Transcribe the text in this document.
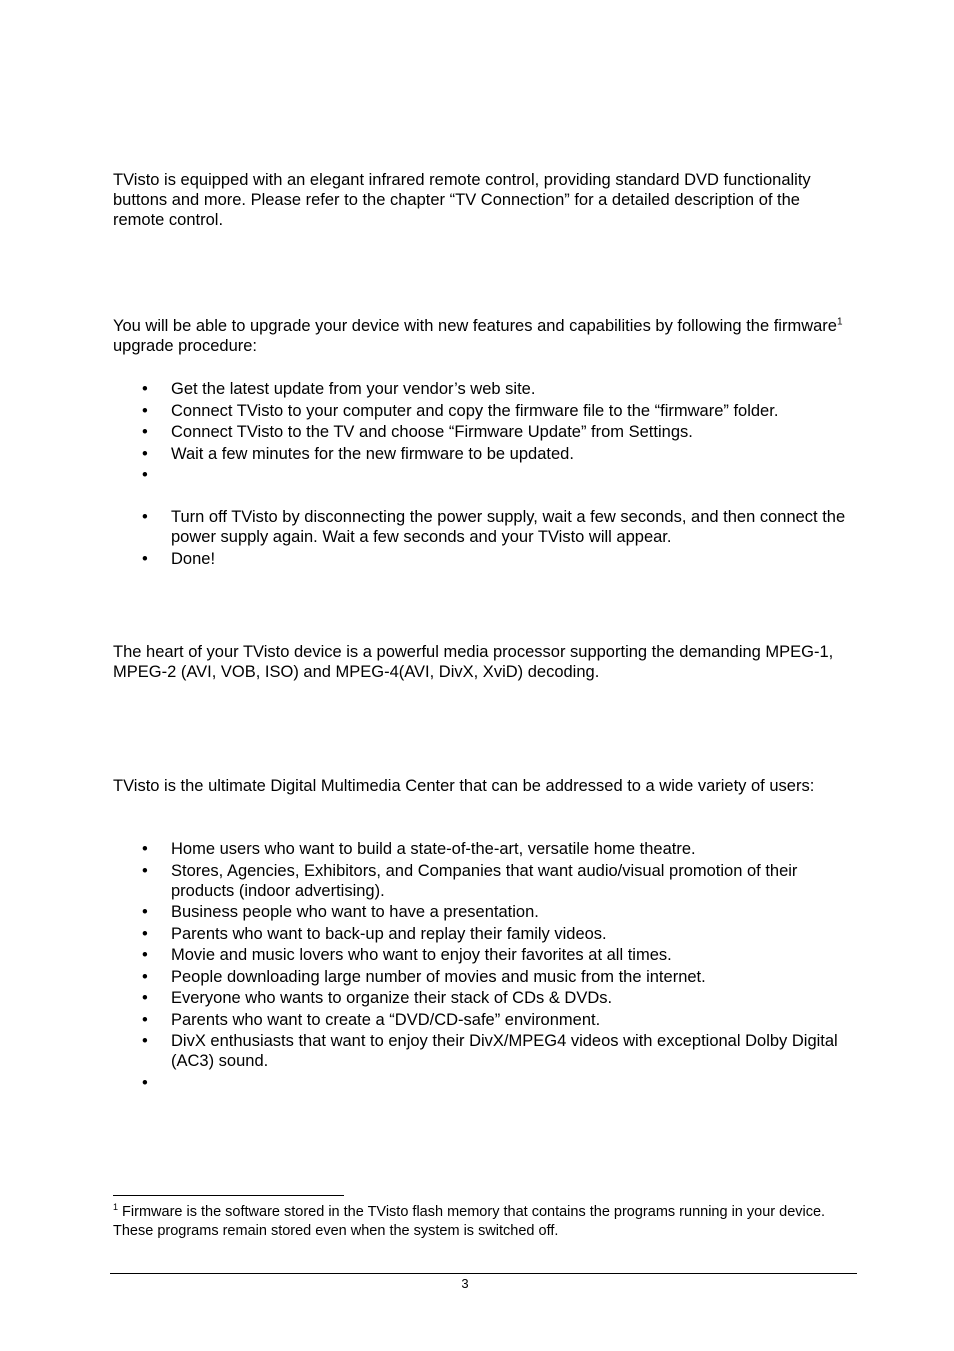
TVisto is equipped with an elegant infrared remote control, providing standard DVD functionality buttons and more. Please refer to the chapter “TV Connection” for a detailed description of the remote control.

You will be able to upgrade your device with new features and capabilities by following the firmware$^1$ upgrade procedure:

• Get the latest update from your vendor’s web site.
• Connect TVisto to your computer and copy the firmware file to the “firmware” folder.
• Connect TVisto to the TV and choose “Firmware Update” from Settings.
• Wait a few minutes for the new firmware to be updated.
•
• Turn off TVisto by disconnecting the power supply, wait a few seconds, and then connect the power supply again. Wait a few seconds and your TVisto will appear.
• Done!

The heart of your TVisto device is a powerful media processor supporting the demanding MPEG-1, MPEG-2 (AVI, VOB, ISO) and MPEG-4(AVI, DivX, XviD) decoding.

TVisto is the ultimate Digital Multimedia Center that can be addressed to a wide variety of users:

• Home users who want to build a state-of-the-art, versatile home theatre.
• Stores, Agencies, Exhibitors, and Companies that want audio/visual promotion of their products (indoor advertising).
• Business people who want to have a presentation.
• Parents who want to back-up and replay their family videos.
• Movie and music lovers who want to enjoy their favorites at all times.
• People downloading large number of movies and music from the internet.
• Everyone who wants to organize their stack of CDs & DVDs.
• Parents who want to create a “DVD/CD-safe” environment.
• DivX enthusiasts that want to enjoy their DivX/MPEG4 videos with exceptional Dolby Digital (AC3) sound.
•

$^1$ Firmware is the software stored in the TVisto flash memory that contains the programs running in your device. These programs remain stored even when the system is switched off.

3
